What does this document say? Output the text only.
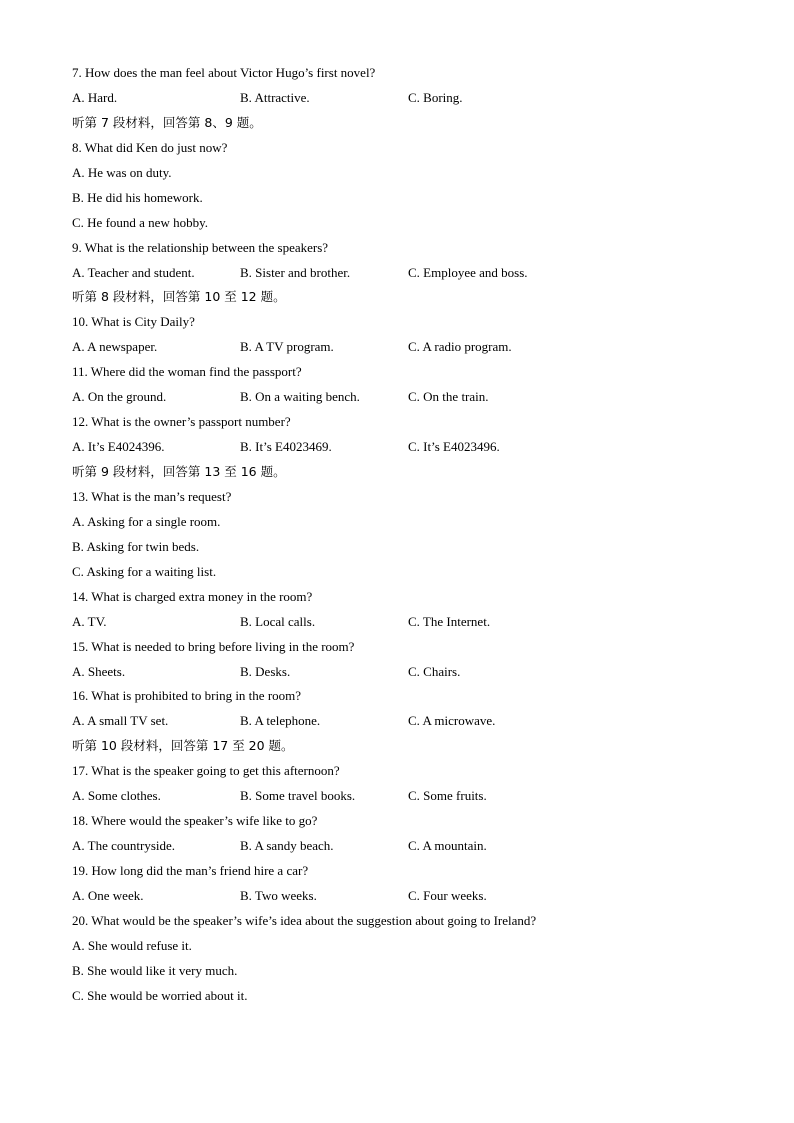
7. How does the man feel about Victor Hugo’s first novel?
A. Hard.	B. Attractive.	C. Boring.
听第 7 段材料，回答第 8、9 题。
8. What did Ken do just now?
A. He was on duty.
B. He did his homework.
C. He found a new hobby.
9. What is the relationship between the speakers?
A. Teacher and student.	B. Sister and brother.	C. Employee and boss.
听第 8 段材料，回答第 10 至 12 题。
10. What is City Daily?
A. A newspaper.	B. A TV program.	C. A radio program.
11. Where did the woman find the passport?
A. On the ground.	B. On a waiting bench.	C. On the train.
12. What is the owner’s passport number?
A. It’s E4024396.	B. It’s E4023469.	C. It’s E4023496.
听第 9 段材料，回答第 13 至 16 题。
13. What is the man’s request?
A. Asking for a single room.
B. Asking for twin beds.
C. Asking for a waiting list.
14. What is charged extra money in the room?
A. TV.	B. Local calls.	C. The Internet.
15. What is needed to bring before living in the room?
A. Sheets.	B. Desks.	C. Chairs.
16. What is prohibited to bring in the room?
A. A small TV set.	B. A telephone.	C. A microwave.
听第 10 段材料，回答第 17 至 20 题。
17. What is the speaker going to get this afternoon?
A. Some clothes.	B. Some travel books.	C. Some fruits.
18. Where would the speaker’s wife like to go?
A. The countryside.	B. A sandy beach.	C. A mountain.
19. How long did the man’s friend hire a car?
A. One week.	B. Two weeks.	C. Four weeks.
20. What would be the speaker’s wife’s idea about the suggestion about going to Ireland?
A. She would refuse it.
B. She would like it very much.
C. She would be worried about it.
